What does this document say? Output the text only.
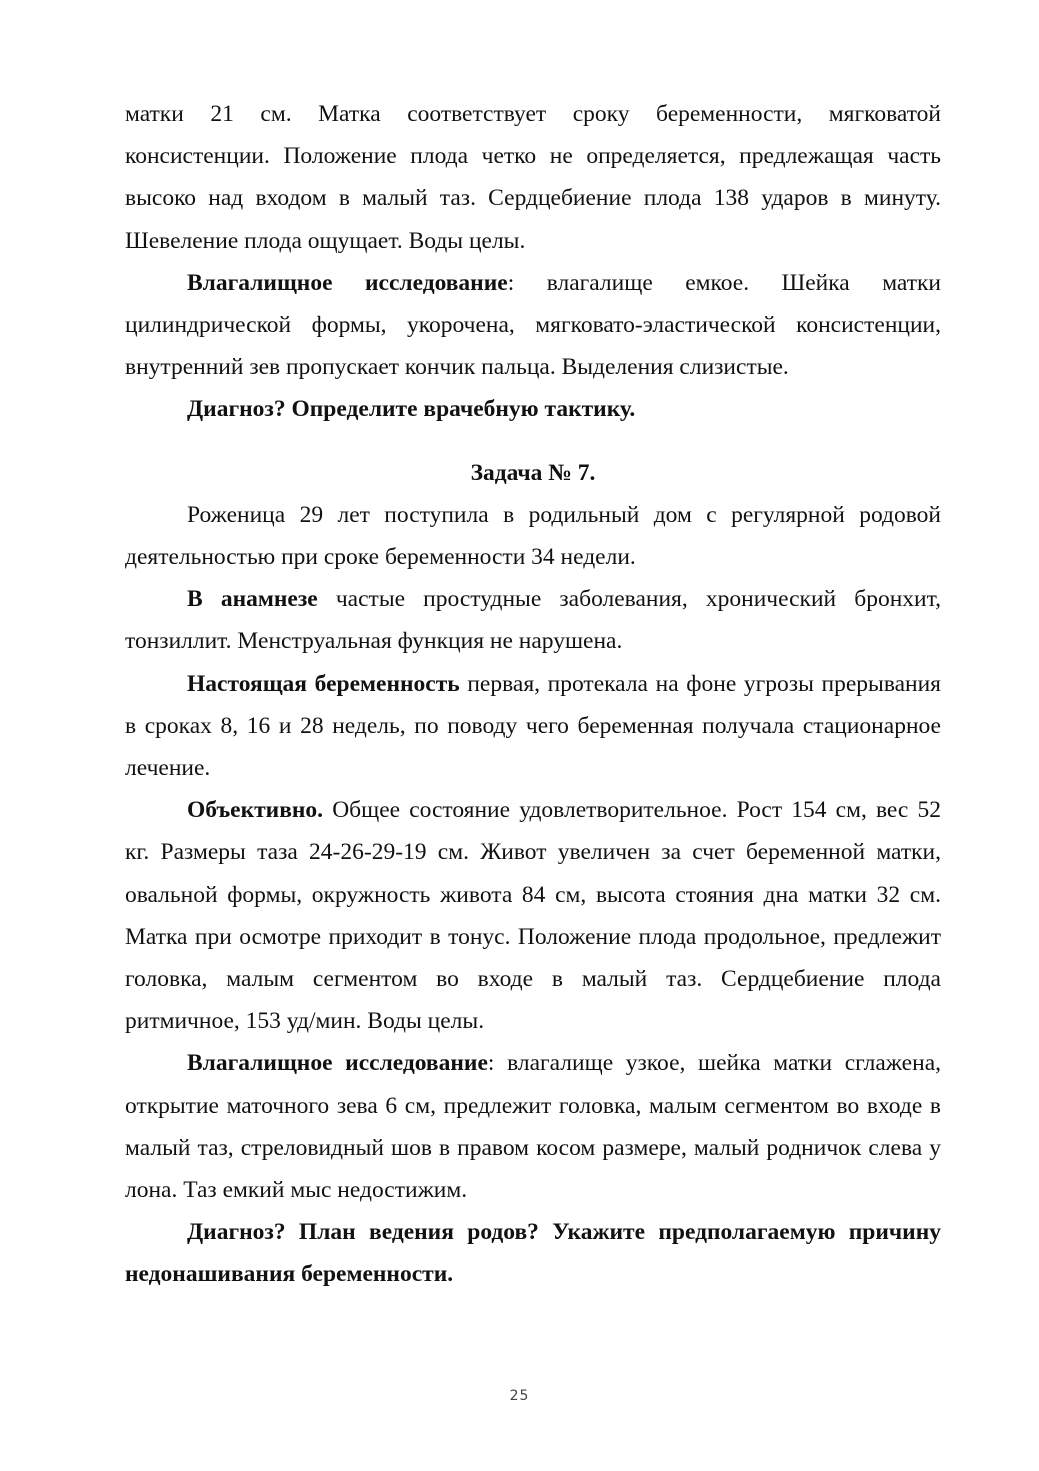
матки 21 см. Матка соответствует сроку беременности, мягковатой консистенции. Положение плода четко не определяется, предлежащая часть высоко над входом в малый таз. Сердцебиение плода 138 ударов в минуту. Шевеление плода ощущает. Воды целы.

Влагалищное исследование: влагалище емкое. Шейка матки цилиндрической формы, укорочена, мягковато-эластической консистенции, внутренний зев пропускает кончик пальца. Выделения слизистые.

Диагноз? Определите врачебную тактику.

Задача № 7.

Роженица 29 лет поступила в родильный дом с регулярной родовой деятельностью при сроке беременности 34 недели.

В анамнезе частые простудные заболевания, хронический бронхит, тонзиллит. Менструальная функция не нарушена.

Настоящая беременность первая, протекала на фоне угрозы прерывания в сроках 8, 16 и 28 недель, по поводу чего беременная получала стационарное лечение.

Объективно. Общее состояние удовлетворительное. Рост 154 см, вес 52 кг. Размеры таза 24-26-29-19 см. Живот увеличен за счет беременной матки, овальной формы, окружность живота 84 см, высота стояния дна матки 32 см. Матка при осмотре приходит в тонус. Положение плода продольное, предлежит головка, малым сегментом во входе в малый таз. Сердцебиение плода ритмичное, 153 уд/мин. Воды целы.

Влагалищное исследование: влагалище узкое, шейка матки сглажена, открытие маточного зева 6 см, предлежит головка, малым сегментом во входе в малый таз, стреловидный шов в правом косом размере, малый родничок слева у лона. Таз емкий мыс недостижим.

Диагноз? План ведения родов? Укажите предполагаемую причину недонашивания беременности.

25
